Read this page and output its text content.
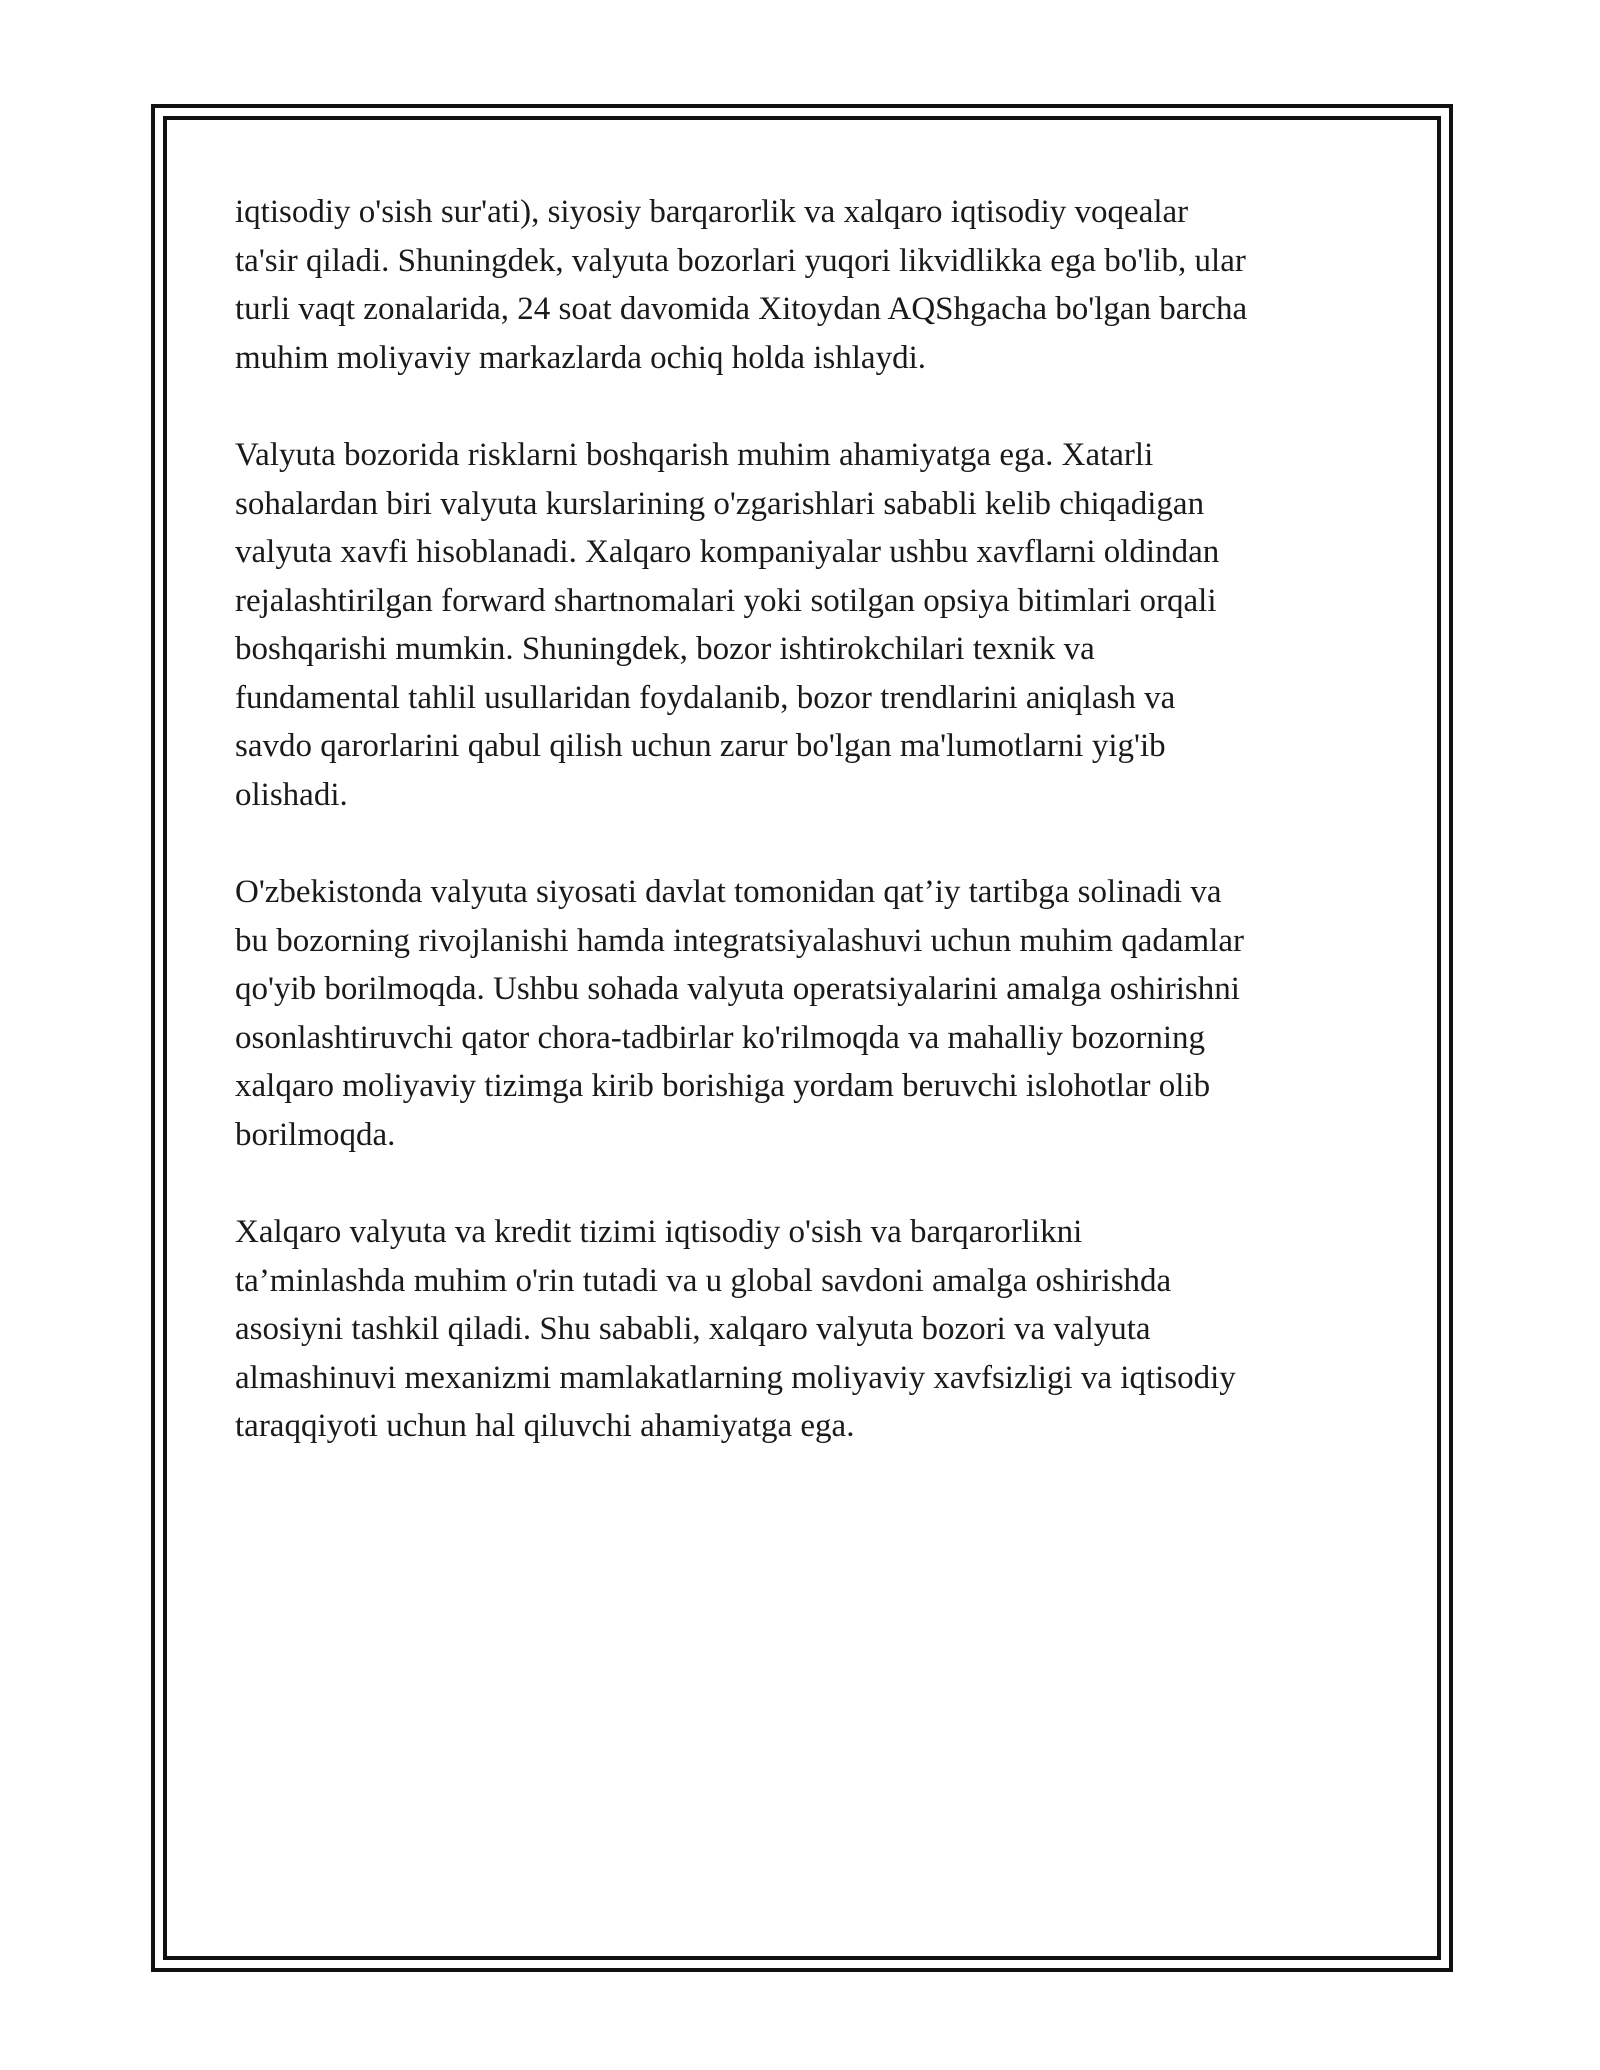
iqtisodiy o'sish sur'ati), siyosiy barqarorlik va xalqaro iqtisodiy voqealar
ta'sir qiladi. Shuningdek, valyuta bozorlari yuqori likvidlikka ega bo'lib, ular
turli vaqt zonalarida, 24 soat davomida Xitoydan AQShgacha bo'lgan barcha
muhim moliyaviy markazlarda ochiq holda ishlaydi.

Valyuta bozorida risklarni boshqarish muhim ahamiyatga ega. Xatarli
sohalardan biri valyuta kurslarining o'zgarishlari sababli kelib chiqadigan
valyuta xavfi hisoblanadi. Xalqaro kompaniyalar ushbu xavflarni oldindan
rejalashtirilgan forward shartnomalari yoki sotilgan opsiya bitimlari orqali
boshqarishi mumkin. Shuningdek, bozor ishtirokchilari texnik va
fundamental tahlil usullaridan foydalanib, bozor trendlarini aniqlash va
savdo qarorlarini qabul qilish uchun zarur bo'lgan ma'lumotlarni yig'ib
olishadi.

O'zbekistonda valyuta siyosati davlat tomonidan qat’iy tartibga solinadi va
bu bozorning rivojlanishi hamda integratsiyalashuvi uchun muhim qadamlar
qo'yib borilmoqda. Ushbu sohada valyuta operatsiyalarini amalga oshirishni
osonlashtiruvchi qator chora-tadbirlar ko'rilmoqda va mahalliy bozorning
xalqaro moliyaviy tizimga kirib borishiga yordam beruvchi islohotlar olib
borilmoqda.

Xalqaro valyuta va kredit tizimi iqtisodiy o'sish va barqarorlikni
ta’minlashda muhim o'rin tutadi va u global savdoni amalga oshirishda
asosiyni tashkil qiladi. Shu sababli, xalqaro valyuta bozori va valyuta
almashinuvi mexanizmi mamlakatlarning moliyaviy xavfsizligi va iqtisodiy
taraqqiyoti uchun hal qiluvchi ahamiyatga ega.
